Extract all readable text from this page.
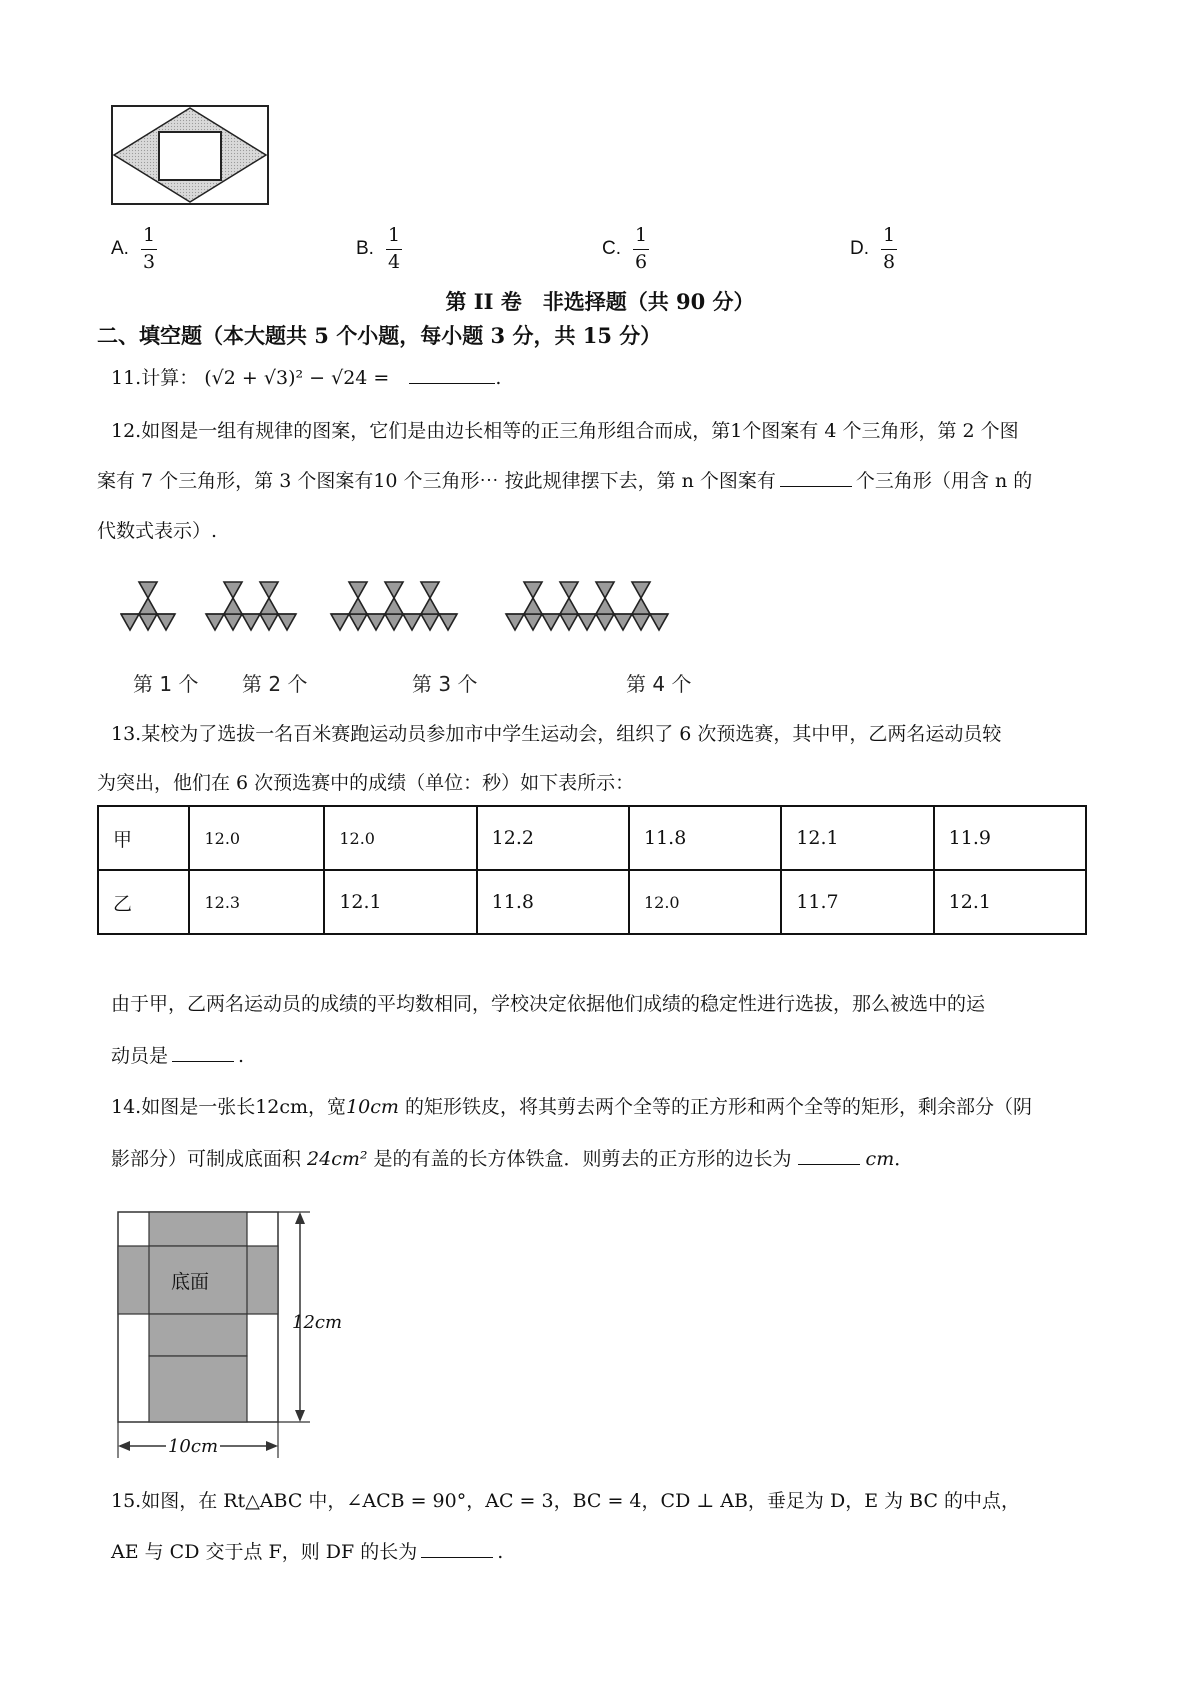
A. $\frac{1}{3}$	B. $\frac{1}{4}$	C. $\frac{1}{6}$	D. $\frac{1}{8}$
第 II 卷　非选择题（共 90 分）
二、填空题（本大题共 5 个小题，每小题 3 分，共 15 分）
11.计算： (√2 + √3)² − √24 =	.
12.如图是一组有规律的图案，它们是由边长相等的正三角形组合而成，第1个图案有 4 个三角形，第 2 个图
案有 7 个三角形，第 3 个图案有10 个三角形⋯ 按此规律摆下去，第 n 个图案有	个三角形（用含 n 的
代数式表示）.
第 1 个 第 2 个	第 3 个	第 4 个
13.某校为了选拔一名百米赛跑运动员参加市中学生运动会，组织了 6 次预选赛，其中甲，乙两名运动员较
为突出，他们在 6 次预选赛中的成绩（单位：秒）如下表所示：
甲	12.0	12.0	12.2	11.8	12.1	11.9
乙	12.3	12.1	11.8	12.0	11.7	12.1
由于甲，乙两名运动员的成绩的平均数相同，学校决定依据他们成绩的稳定性进行选拔，那么被选中的运
动员是	.
14.如图是一张长12cm，宽10cm 的矩形铁皮，将其剪去两个全等的正方形和两个全等的矩形，剩余部分（阴
影部分）可制成底面积 24cm² 是的有盖的长方体铁盒．则剪去的正方形的边长为	cm．
底面
12cm
10cm
15.如图，在 Rt△ABC 中，∠ACB = 90°，AC = 3，BC = 4，CD ⊥ AB，垂足为 D，E 为 BC 的中点，
AE 与 CD 交于点 F，则 DF 的长为	.
